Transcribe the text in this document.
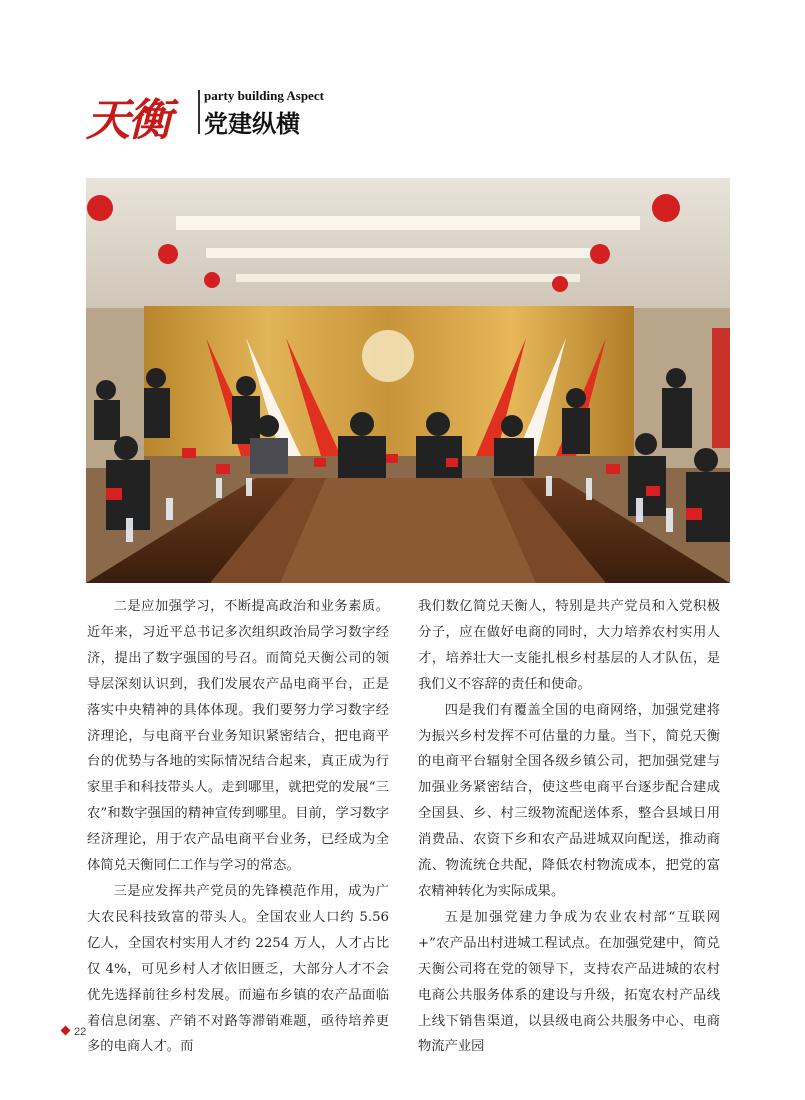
天衡	party building Aspect
党建纵横

二是应加强学习，不断提高政治和业务素质。近年来，习近平总书记多次组织政治局学习数字经济，提出了数字强国的号召。而简兑天衡公司的领导层深刻认识到，我们发展农产品电商平台，正是落实中央精神的具体体现。我们要努力学习数字经济理论，与电商平台业务知识紧密结合，把电商平台的优势与各地的实际情况结合起来，真正成为行家里手和科技带头人。走到哪里，就把党的发展“三农”和数字强国的精神宣传到哪里。目前，学习数字经济理论，用于农产品电商平台业务，已经成为全体简兑天衡同仁工作与学习的常态。

三是应发挥共产党员的先锋模范作用，成为广大农民科技致富的带头人。全国农业人口约 5.56 亿人，全国农村实用人才约 2254 万人，人才占比仅 4%，可见乡村人才依旧匮乏，大部分人才不会优先选择前往乡村发展。而遍布乡镇的农产品面临着信息闭塞、产销不对路等滞销难题，亟待培养更多的电商人才。而

我们数亿简兑天衡人，特别是共产党员和入党积极分子，应在做好电商的同时，大力培养农村实用人才，培养壮大一支能扎根乡村基层的人才队伍，是我们义不容辞的责任和使命。

四是我们有覆盖全国的电商网络，加强党建将为振兴乡村发挥不可估量的力量。当下，简兑天衡的电商平台辐射全国各级乡镇公司，把加强党建与加强业务紧密结合，使这些电商平台逐步配合建成全国县、乡、村三级物流配送体系，整合县域日用消费品、农资下乡和农产品进城双向配送，推动商流、物流统仓共配，降低农村物流成本，把党的富农精神转化为实际成果。

五是加强党建力争成为农业农村部“互联网 +”农产品出村进城工程试点。在加强党建中，简兑天衡公司将在党的领导下，支持农产品进城的农村电商公共服务体系的建设与升级，拓宽农村产品线上线下销售渠道，以县级电商公共服务中心、电商物流产业园

22
